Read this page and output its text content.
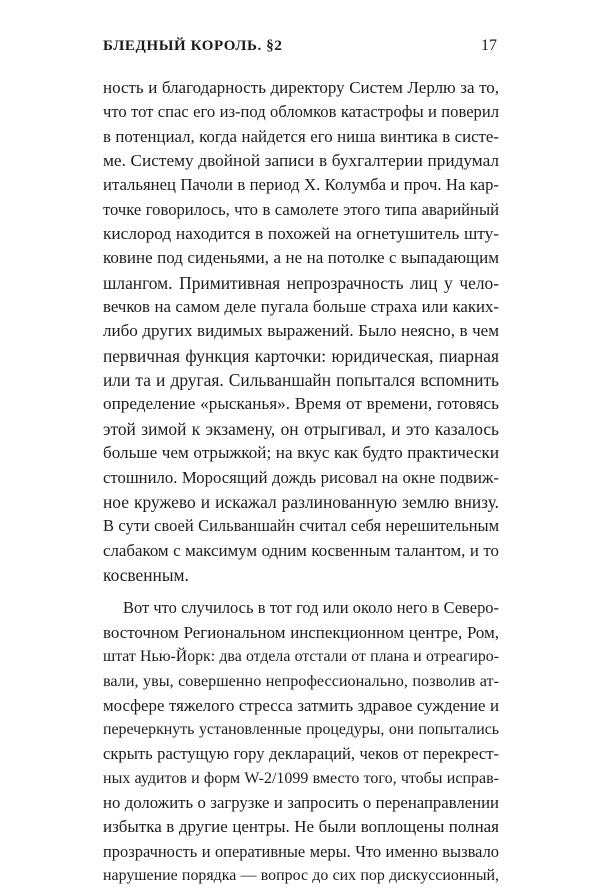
БЛЕДНЫЙ КОРОЛЬ. §2	17
ность и благодарность директору Систем Лерлю за то,
что тот спас его из-под обломков катастрофы и поверил
в потенциал, когда найдется его ниша винтика в систе-
ме. Систему двойной записи в бухгалтерии придумал
итальянец Пачоли в период Х. Колумба и проч. На кар-
точке говорилось, что в самолете этого типа аварийный
кислород находится в похожей на огнетушитель шту-
ковине под сиденьями, а не на потолке с выпадающим
шлангом. Примитивная непрозрачность лиц у чело-
вечков на самом деле пугала больше страха или каких-
либо других видимых выражений. Было неясно, в чем
первичная функция карточки: юридическая, пиарная
или та и другая. Сильваншайн попытался вспомнить
определение «рысканья». Время от времени, готовясь
этой зимой к экзамену, он отрыгивал, и это казалось
больше чем отрыжкой; на вкус как будто практически
стошнило. Моросящий дождь рисовал на окне подвиж-
ное кружево и искажал разлинованную землю внизу.
В сути своей Сильваншайн считал себя нерешительным
слабаком с максимум одним косвенным талантом, и то
косвенным.
Вот что случилось в тот год или около него в Северо-
восточном Региональном инспекционном центре, Ром,
штат Нью-Йорк: два отдела отстали от плана и отреагиро-
вали, увы, совершенно непрофессионально, позволив ат-
мосфере тяжелого стресса затмить здравое суждение и
перечеркнуть установленные процедуры, они попытались
скрыть растущую гору деклараций, чеков от перекрест-
ных аудитов и форм W-2/1099 вместо того, чтобы исправ-
но доложить о загрузке и запросить о перенаправлении
избытка в другие центры. Не были воплощены полная
прозрачность и оперативные меры. Что именно вызвало
нарушение порядка — вопрос до сих пор дискуссионный,
